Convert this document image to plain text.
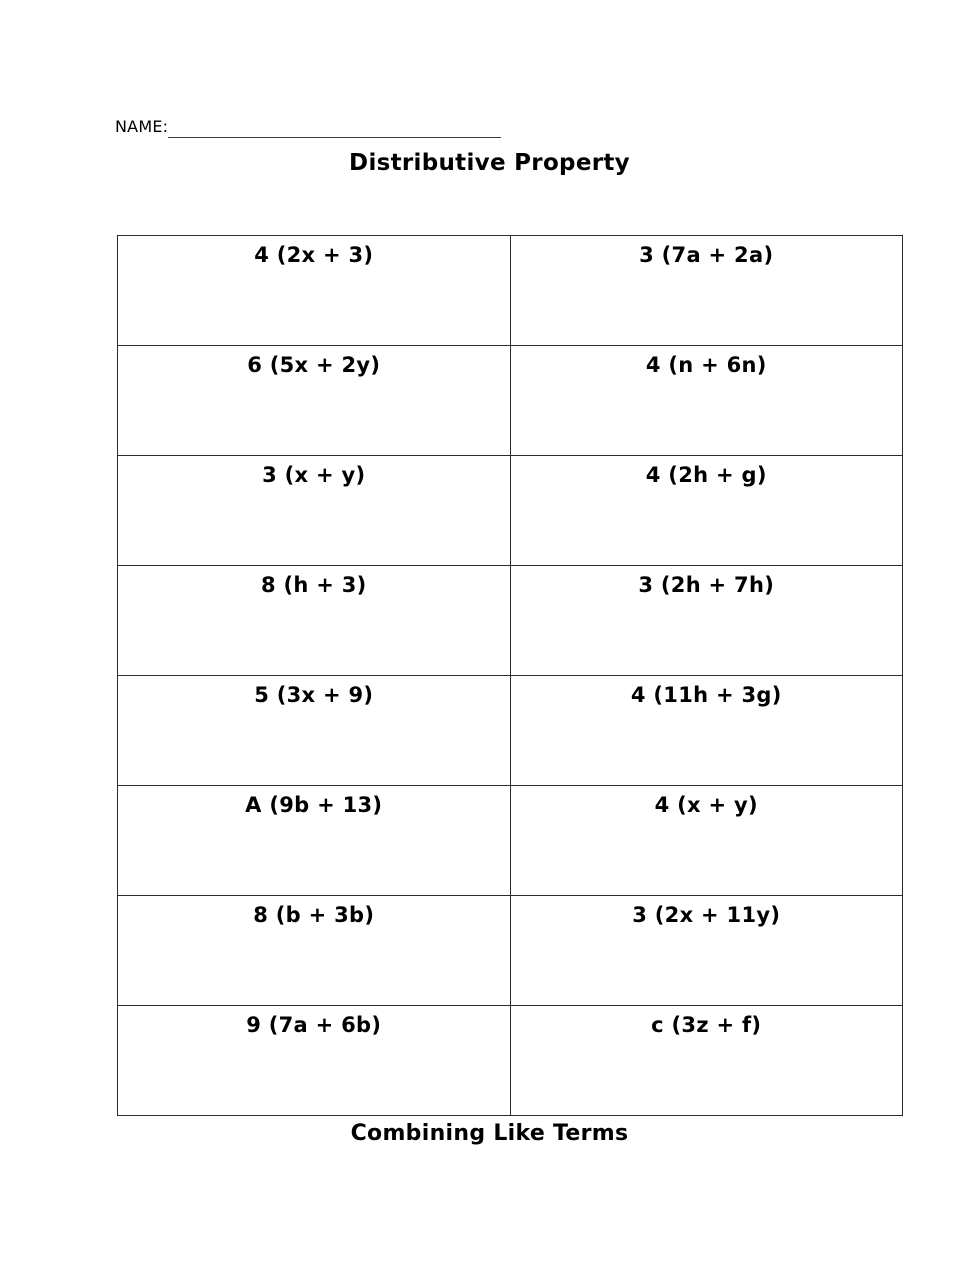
NAME:
Distributive Property
4 (2x + 3)	3 (7a + 2a)
6 (5x + 2y)	4 (n + 6n)
3 (x + y)	4 (2h + g)
8 (h + 3)	3 (2h + 7h)
5 (3x + 9)	4 (11h + 3g)
A (9b + 13)	4 (x + y)
8 (b + 3b)	3 (2x + 11y)
9 (7a + 6b)	c (3z + f)
Combining Like Terms
